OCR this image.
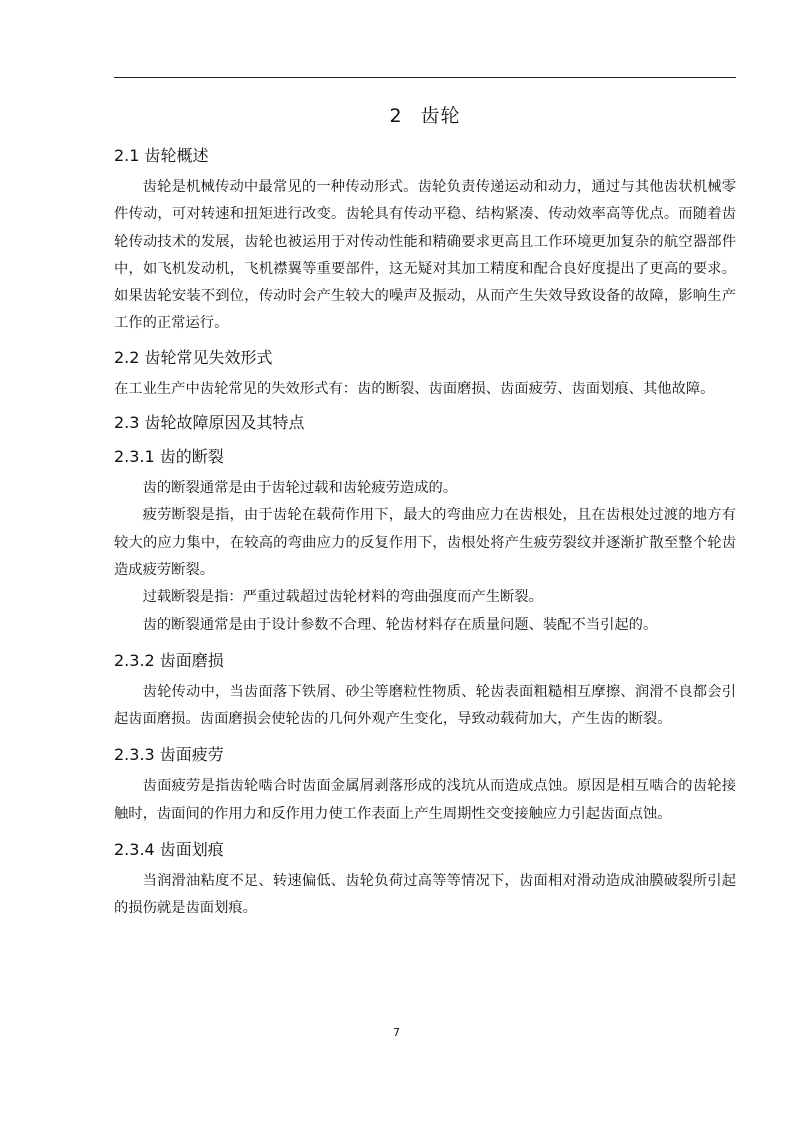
2 齿轮
2.1 齿轮概述

齿轮是机械传动中最常见的一种传动形式。齿轮负责传递运动和动力，通过与其他齿状机械零件传动，可对转速和扭矩进行改变。齿轮具有传动平稳、结构紧凑、传动效率高等优点。而随着齿轮传动技术的发展，齿轮也被运用于对传动性能和精确要求更高且工作环境更加复杂的航空器部件中，如飞机发动机，飞机襟翼等重要部件，这无疑对其加工精度和配合良好度提出了更高的要求。如果齿轮安装不到位，传动时会产生较大的噪声及振动，从而产生失效导致设备的故障，影响生产工作的正常运行。

2.2 齿轮常见失效形式

在工业生产中齿轮常见的失效形式有：齿的断裂、齿面磨损、齿面疲劳、齿面划痕、其他故障。

2.3 齿轮故障原因及其特点
2.3.1 齿的断裂

齿的断裂通常是由于齿轮过载和齿轮疲劳造成的。

疲劳断裂是指，由于齿轮在载荷作用下，最大的弯曲应力在齿根处，且在齿根处过渡的地方有较大的应力集中，在较高的弯曲应力的反复作用下，齿根处将产生疲劳裂纹并逐渐扩散至整个轮齿造成疲劳断裂。

过载断裂是指：严重过载超过齿轮材料的弯曲强度而产生断裂。

齿的断裂通常是由于设计参数不合理、轮齿材料存在质量问题、装配不当引起的。

2.3.2 齿面磨损

齿轮传动中，当齿面落下铁屑、砂尘等磨粒性物质、轮齿表面粗糙相互摩擦、润滑不良都会引起齿面磨损。齿面磨损会使轮齿的几何外观产生变化，导致动载荷加大，产生齿的断裂。

2.3.3 齿面疲劳

齿面疲劳是指齿轮啮合时齿面金属屑剥落形成的浅坑从而造成点蚀。原因是相互啮合的齿轮接触时，齿面间的作用力和反作用力使工作表面上产生周期性交变接触应力引起齿面点蚀。

2.3.4 齿面划痕

当润滑油粘度不足、转速偏低、齿轮负荷过高等等情况下，齿面相对滑动造成油膜破裂所引起的损伤就是齿面划痕。

7
